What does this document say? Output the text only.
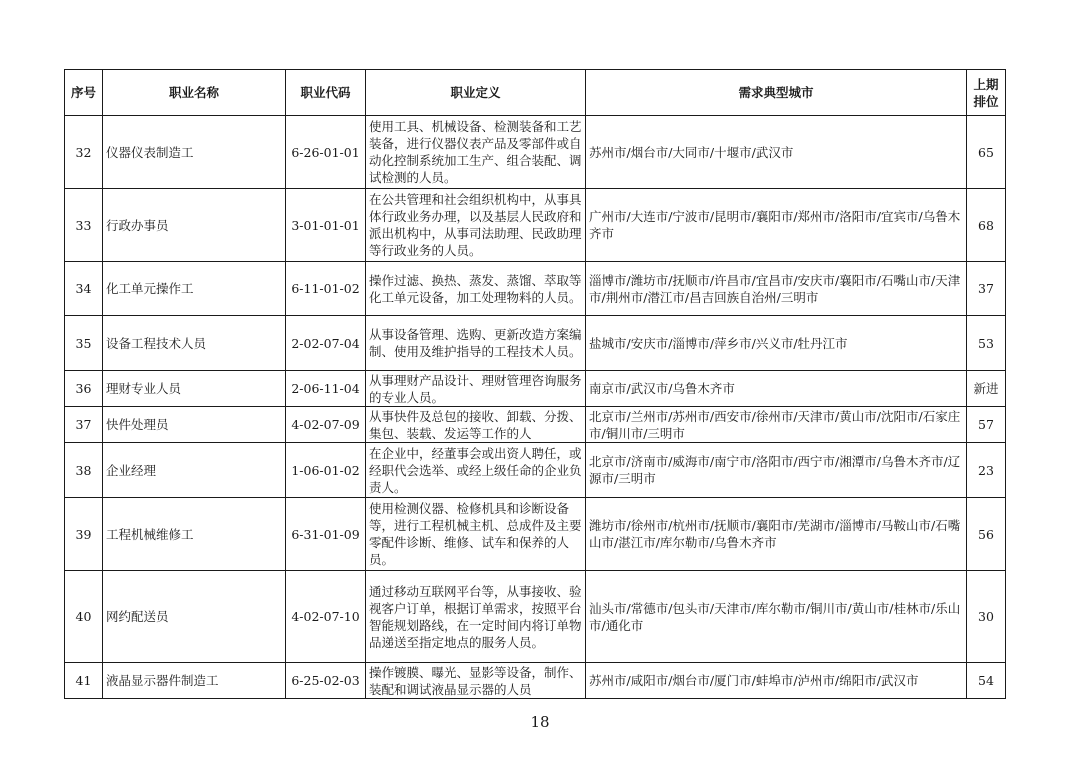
序号	职业名称	职业代码	职业定义	需求典型城市	上期排位
32	仪器仪表制造工	6-26-01-01	使用工具、机械设备、检测装备和工艺装备，进行仪器仪表产品及零部件或自动化控制系统加工生产、组合装配、调试检测的人员。	苏州市/烟台市/大同市/十堰市/武汉市	65
33	行政办事员	3-01-01-01	在公共管理和社会组织机构中，从事具体行政业务办理，以及基层人民政府和派出机构中，从事司法助理、民政助理等行政业务的人员。	广州市/大连市/宁波市/昆明市/襄阳市/郑州市/洛阳市/宜宾市/乌鲁木齐市	68
34	化工单元操作工	6-11-01-02	操作过滤、换热、蒸发、蒸馏、萃取等化工单元设备，加工处理物料的人员。	淄博市/潍坊市/抚顺市/许昌市/宜昌市/安庆市/襄阳市/石嘴山市/天津市/荆州市/潜江市/昌吉回族自治州/三明市	37
35	设备工程技术人员	2-02-07-04	从事设备管理、选购、更新改造方案编制、使用及维护指导的工程技术人员。	盐城市/安庆市/淄博市/萍乡市/兴义市/牡丹江市	53
36	理财专业人员	2-06-11-04	从事理财产品设计、理财管理咨询服务的专业人员。	南京市/武汉市/乌鲁木齐市	新进
37	快件处理员	4-02-07-09	从事快件及总包的接收、卸载、分拨、集包、装载、发运等工作的人	北京市/兰州市/苏州市/西安市/徐州市/天津市/黄山市/沈阳市/石家庄市/铜川市/三明市	57
38	企业经理	1-06-01-02	在企业中，经董事会或出资人聘任，或经职代会选举、或经上级任命的企业负责人。	北京市/济南市/威海市/南宁市/洛阳市/西宁市/湘潭市/乌鲁木齐市/辽源市/三明市	23
39	工程机械维修工	6-31-01-09	使用检测仪器、检修机具和诊断设备等，进行工程机械主机、总成件及主要零配件诊断、维修、试车和保养的人员。	潍坊市/徐州市/杭州市/抚顺市/襄阳市/芜湖市/淄博市/马鞍山市/石嘴山市/湛江市/库尔勒市/乌鲁木齐市	56
40	网约配送员	4-02-07-10	通过移动互联网平台等，从事接收、验视客户订单，根据订单需求，按照平台智能规划路线，在一定时间内将订单物品递送至指定地点的服务人员。	汕头市/常德市/包头市/天津市/库尔勒市/铜川市/黄山市/桂林市/乐山市/通化市	30
41	液晶显示器件制造工	6-25-02-03	操作镀膜、曝光、显影等设备，制作、装配和调试液晶显示器的人员	苏州市/咸阳市/烟台市/厦门市/蚌埠市/泸州市/绵阳市/武汉市	54
18
